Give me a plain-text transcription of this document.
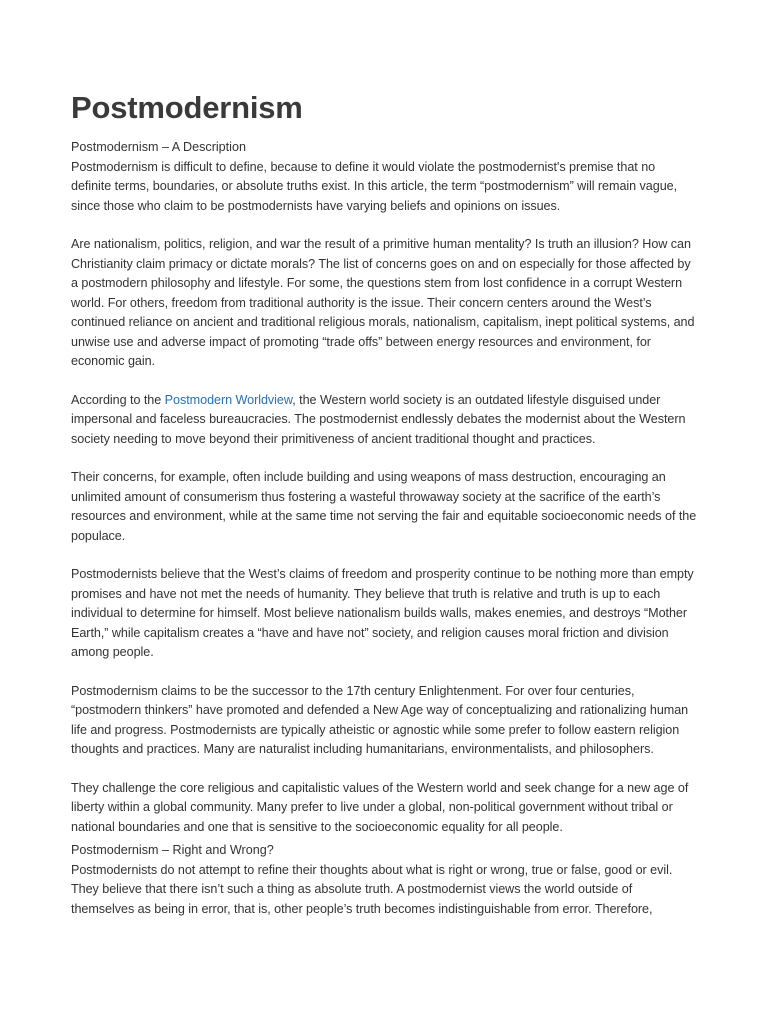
Postmodernism
Postmodernism – A Description

Postmodernism is difficult to define, because to define it would violate the postmodernist's premise that no definite terms, boundaries, or absolute truths exist. In this article, the term “postmodernism” will remain vague, since those who claim to be postmodernists have varying beliefs and opinions on issues.

Are nationalism, politics, religion, and war the result of a primitive human mentality? Is truth an illusion? How can Christianity claim primacy or dictate morals? The list of concerns goes on and on especially for those affected by a postmodern philosophy and lifestyle. For some, the questions stem from lost confidence in a corrupt Western world. For others, freedom from traditional authority is the issue. Their concern centers around the West’s continued reliance on ancient and traditional religious morals, nationalism, capitalism, inept political systems, and unwise use and adverse impact of promoting “trade offs” between energy resources and environment, for economic gain.

According to the Postmodern Worldview, the Western world society is an outdated lifestyle disguised under impersonal and faceless bureaucracies. The postmodernist endlessly debates the modernist about the Western society needing to move beyond their primitiveness of ancient traditional thought and practices.

Their concerns, for example, often include building and using weapons of mass destruction, encouraging an unlimited amount of consumerism thus fostering a wasteful throwaway society at the sacrifice of the earth’s resources and environment, while at the same time not serving the fair and equitable socioeconomic needs of the populace.

Postmodernists believe that the West’s claims of freedom and prosperity continue to be nothing more than empty promises and have not met the needs of humanity. They believe that truth is relative and truth is up to each individual to determine for himself. Most believe nationalism builds walls, makes enemies, and destroys “Mother Earth,” while capitalism creates a “have and have not” society, and religion causes moral friction and division among people.

Postmodernism claims to be the successor to the 17th century Enlightenment. For over four centuries, “postmodern thinkers” have promoted and defended a New Age way of conceptualizing and rationalizing human life and progress. Postmodernists are typically atheistic or agnostic while some prefer to follow eastern religion thoughts and practices. Many are naturalist including humanitarians, environmentalists, and philosophers.

They challenge the core religious and capitalistic values of the Western world and seek change for a new age of liberty within a global community. Many prefer to live under a global, non-political government without tribal or national boundaries and one that is sensitive to the socioeconomic equality for all people.

Postmodernism – Right and Wrong?

Postmodernists do not attempt to refine their thoughts about what is right or wrong, true or false, good or evil. They believe that there isn’t such a thing as absolute truth. A postmodernist views the world outside of themselves as being in error, that is, other people’s truth becomes indistinguishable from error. Therefore,
